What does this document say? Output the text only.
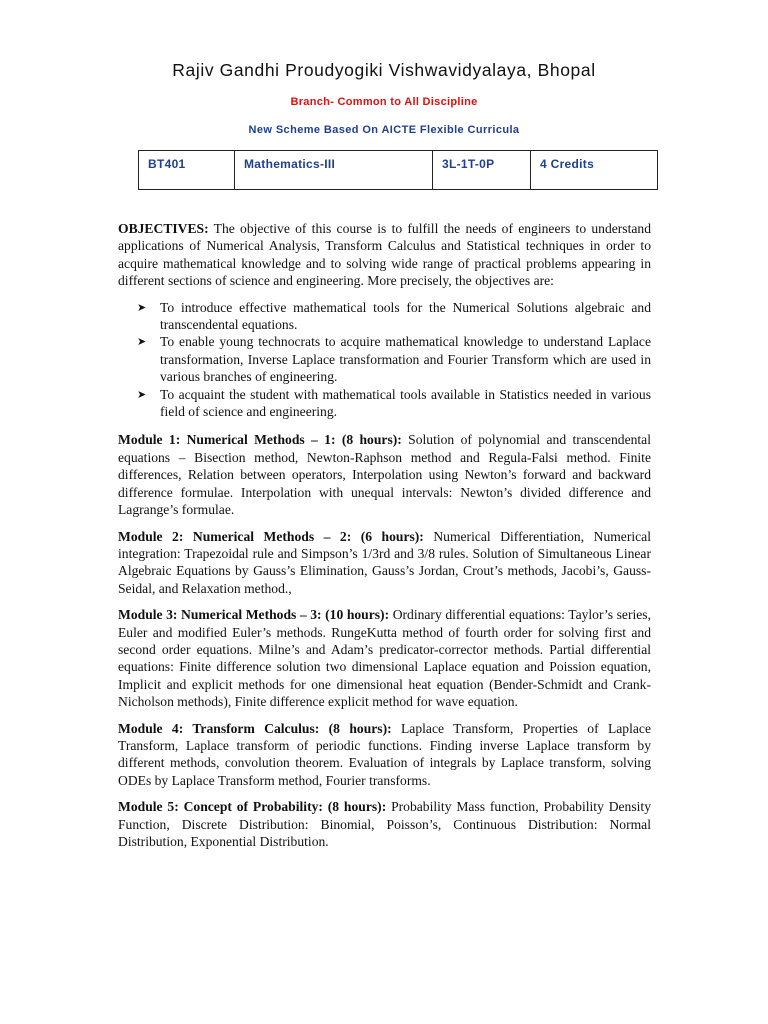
Rajiv Gandhi Proudyogiki Vishwavidyalaya, Bhopal
Branch- Common to All Discipline
New Scheme Based On AICTE Flexible Curricula
BT401	Mathematics-III	3L-1T-0P	4 Credits

OBJECTIVES: The objective of this course is to fulfill the needs of engineers to understand applications of Numerical Analysis, Transform Calculus and Statistical techniques in order to acquire mathematical knowledge and to solving wide range of practical problems appearing in different sections of science and engineering. More precisely, the objectives are:

➤ To introduce effective mathematical tools for the Numerical Solutions algebraic and transcendental equations.
➤ To enable young technocrats to acquire mathematical knowledge to understand Laplace transformation, Inverse Laplace transformation and Fourier Transform which are used in various branches of engineering.
➤ To acquaint the student with mathematical tools available in Statistics needed in various field of science and engineering.

Module 1: Numerical Methods – 1: (8 hours): Solution of polynomial and transcendental equations – Bisection method, Newton-Raphson method and Regula-Falsi method. Finite differences, Relation between operators, Interpolation using Newton’s forward and backward difference formulae. Interpolation with unequal intervals: Newton’s divided difference and Lagrange’s formulae.

Module 2: Numerical Methods – 2: (6 hours): Numerical Differentiation, Numerical integration: Trapezoidal rule and Simpson’s 1/3rd and 3/8 rules. Solution of Simultaneous Linear Algebraic Equations by Gauss’s Elimination, Gauss’s Jordan, Crout’s methods, Jacobi’s, Gauss-Seidal, and Relaxation method.,

Module 3: Numerical Methods – 3: (10 hours): Ordinary differential equations: Taylor’s series, Euler and modified Euler’s methods. RungeKutta method of fourth order for solving first and second order equations. Milne’s and Adam’s predicator-corrector methods. Partial differential equations: Finite difference solution two dimensional Laplace equation and Poission equation, Implicit and explicit methods for one dimensional heat equation (Bender-Schmidt and Crank-Nicholson methods), Finite difference explicit method for wave equation.

Module 4: Transform Calculus: (8 hours): Laplace Transform, Properties of Laplace Transform, Laplace transform of periodic functions. Finding inverse Laplace transform by different methods, convolution theorem. Evaluation of integrals by Laplace transform, solving ODEs by Laplace Transform method, Fourier transforms.

Module 5: Concept of Probability: (8 hours): Probability Mass function, Probability Density Function, Discrete Distribution: Binomial, Poisson’s, Continuous Distribution: Normal Distribution, Exponential Distribution.
